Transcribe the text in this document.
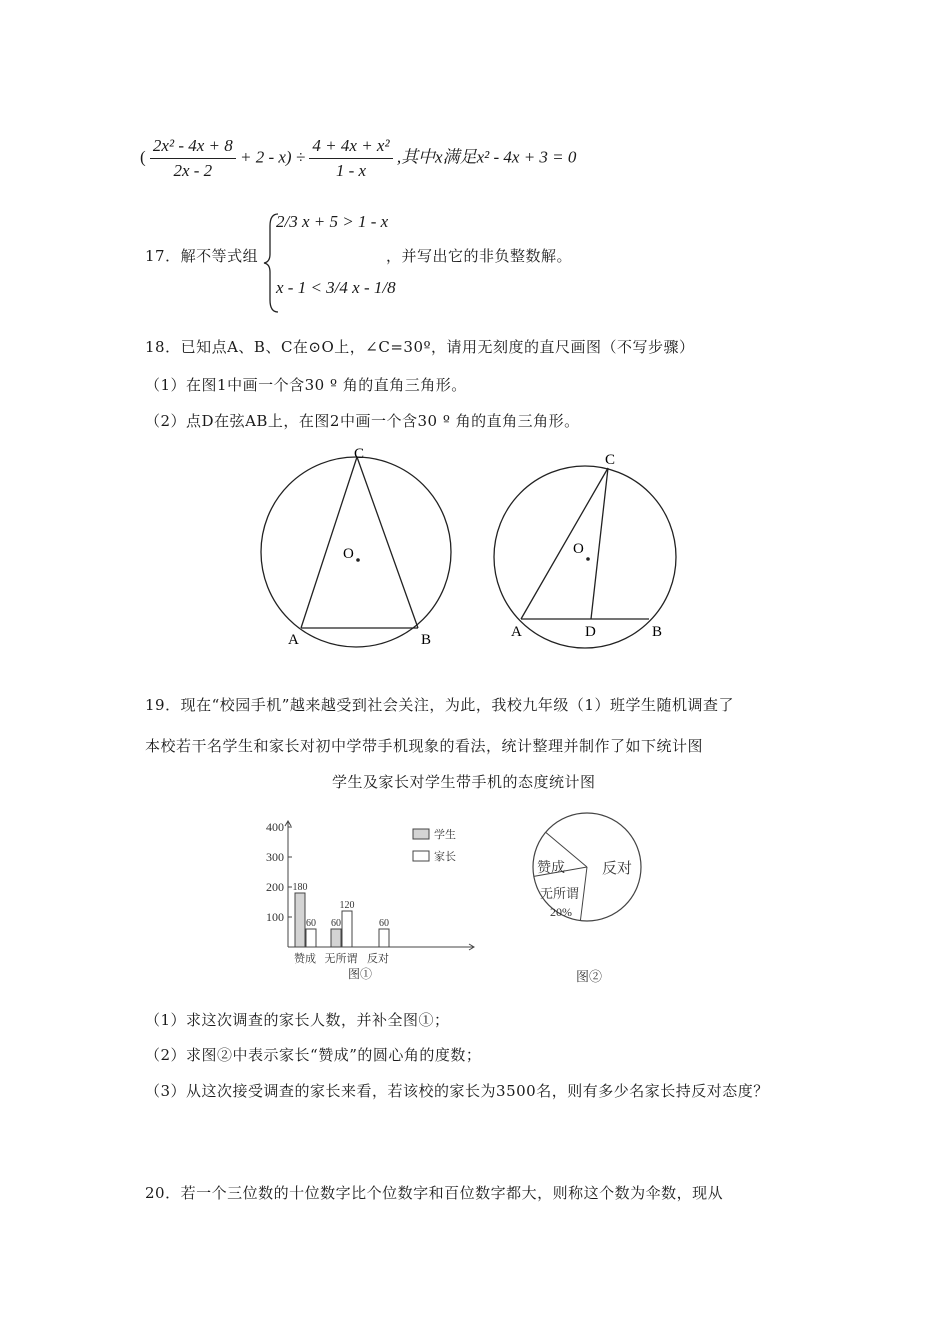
( $\frac{\text{2x² - 4x + 8}}{2x - 2} + 2 - x) \div \frac{\text{4 + 4x + x²}}{1 - x}$ ,其中x满足x² - 4x + 3 = 0
17．解不等式组
2/3 x + 5 > 1 - x
x - 1 < 3/4 x - 1/8
，并写出它的非负整数解。
18．已知点A、B、C在⊙O上，∠C=30º，请用无刻度的直尺画图（不写步骤）
（1）在图1中画一个含30 º 角的直角三角形。
（2）点D在弦AB上，在图2中画一个含30 º 角的直角三角形。
C
O
A	B
C
O
A	D	B
19．现在“校园手机”越来越受到社会关注，为此，我校九年级（1）班学生随机调查了
本校若干名学生和家长对初中学带手机现象的看法，统计整理并制作了如下统计图
学生及家长对学生带手机的态度统计图
100
200
300
400
180
60
赞成
60
120
无所谓
60
反对
学生
家长
图①
赞成
无所谓
20%
反对
图②
（1）求这次调查的家长人数，并补全图①；
（2）求图②中表示家长“赞成”的圆心角的度数；
（3）从这次接受调查的家长来看，若该校的家长为3500名，则有多少名家长持反对态度？
20．若一个三位数的十位数字比个位数字和百位数字都大，则称这个数为伞数，现从
